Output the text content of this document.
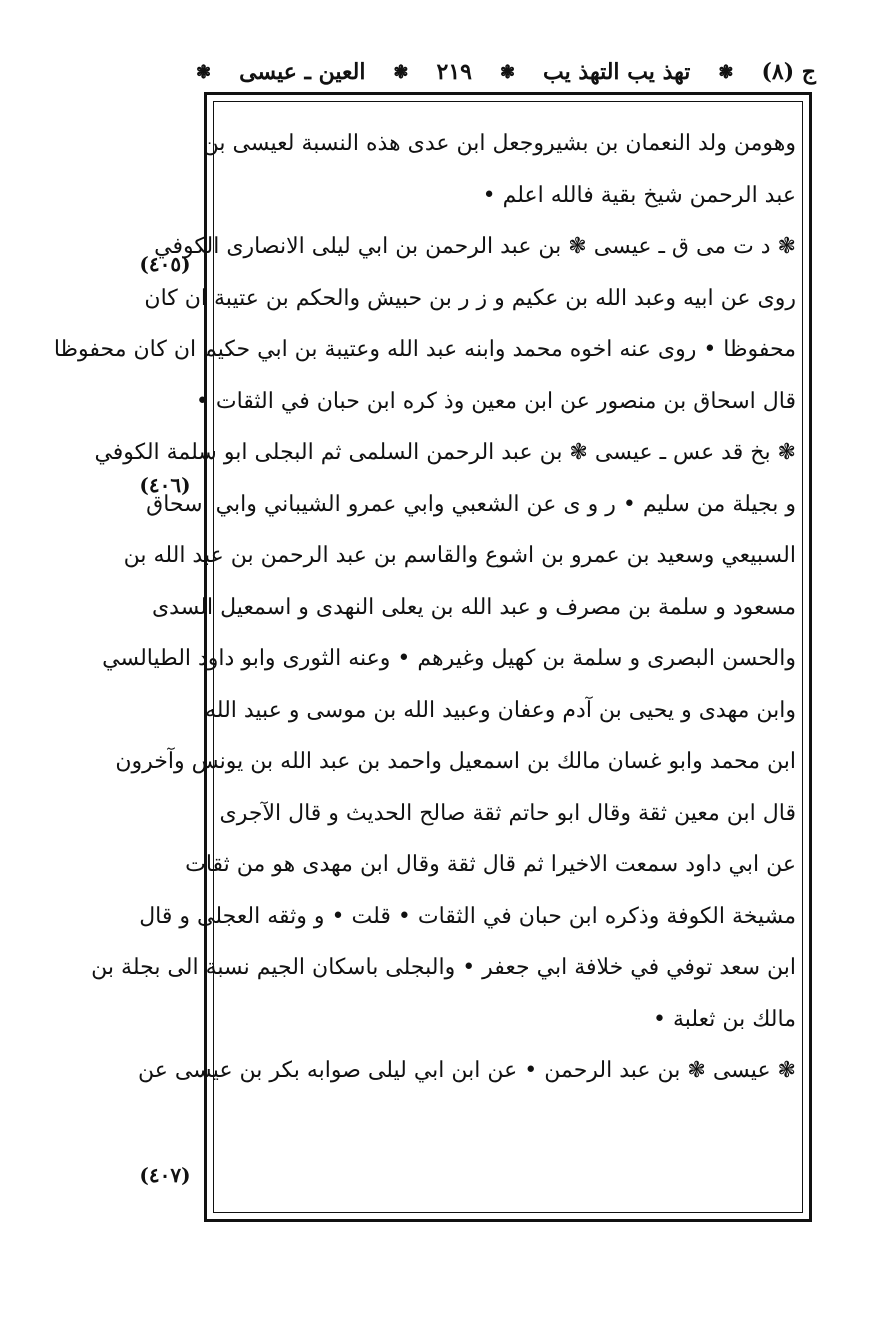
ج (٨)
❃
تهذ يب التهذ يب
❃
٢١٩
❃
العين ـ عيسى
❃
(٤٠٥)
(٤٠٦)
(٤٠٧)
وهومن ولد النعمان بن بشيروجعل ابن عدى هذه النسبة لعيسى بن
عبد الرحمن شيخ بقية فالله اعلم •
❃ د ت مى ق ـ عيسى ❃ بن عبد الرحمن بن ابي ليلى الانصارى الكوفي
روى عن ابيه وعبد الله بن عكيم و ز ر بن حبيش والحكم بن عتيبة ان كان
محفوظا • روى عنه اخوه محمد وابنه عبد الله وعتيبة بن ابي حكيم ان كان محفوظا
قال اسحاق بن منصور عن ابن معين وذ كره ابن حبان في الثقات •
❃ بخ قد عس ـ عيسى ❃ بن عبد الرحمن السلمى ثم البجلى ابو سلمة الكوفي
و بجيلة من سليم • ر و ى عن الشعبي وابي عمرو الشيباني وابي اسحاق
السبيعي وسعيد بن عمرو بن اشوع والقاسم بن عبد الرحمن بن عبد الله بن
مسعود و سلمة بن مصرف و عبد الله بن يعلى النهدى و اسمعيل السدى
والحسن البصرى و سلمة بن كهيل وغيرهم • وعنه الثورى وابو داود الطيالسي
وابن مهدى و يحيى بن آدم وعفان وعبيد الله بن موسى و عبيد الله
ابن محمد وابو غسان مالك بن اسمعيل واحمد بن عبد الله بن يونس وآخرون
قال ابن معين ثقة وقال ابو حاتم ثقة صالح الحديث و قال الآجرى
عن ابي داود سمعت الاخيرا ثم قال ثقة وقال ابن مهدى هو من ثقات
مشيخة الكوفة وذكره ابن حبان في الثقات • قلت • و وثقه العجلى و قال
ابن سعد توفي في خلافة ابي جعفر • والبجلى باسكان الجيم نسبة الى بجلة بن
مالك بن ثعلبة •
❃ عيسى ❃ بن عبد الرحمن • عن ابن ابي ليلى صوابه بكر بن عيسى عن
